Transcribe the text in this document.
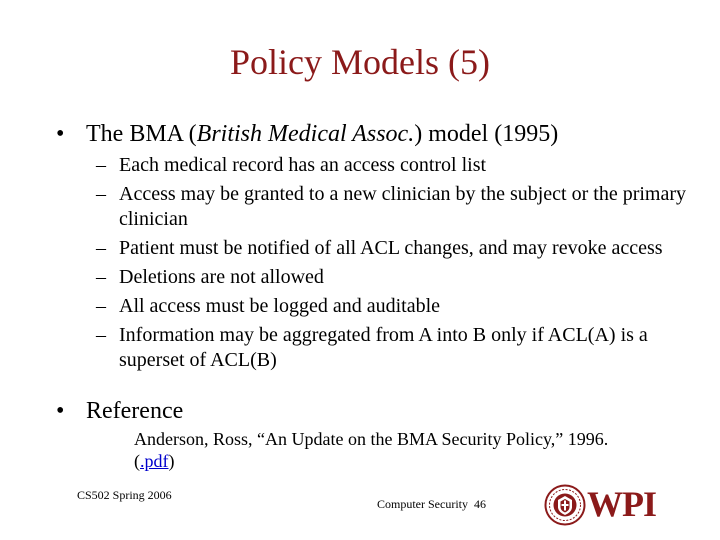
Policy Models (5)
• The BMA (British Medical Assoc.) model (1995)
– Each medical record has an access control list
– Access may be granted to a new clinician by the subject or the primary clinician
– Patient must be notified of all ACL changes, and may revoke access
– Deletions are not allowed
– All access must be logged and auditable
– Information may be aggregated from A into B only if ACL(A) is a superset of ACL(B)
• Reference
Anderson, Ross, “An Update on the BMA Security Policy,” 1996.
(.pdf)
CS502 Spring 2006
Computer Security 46	WPI
